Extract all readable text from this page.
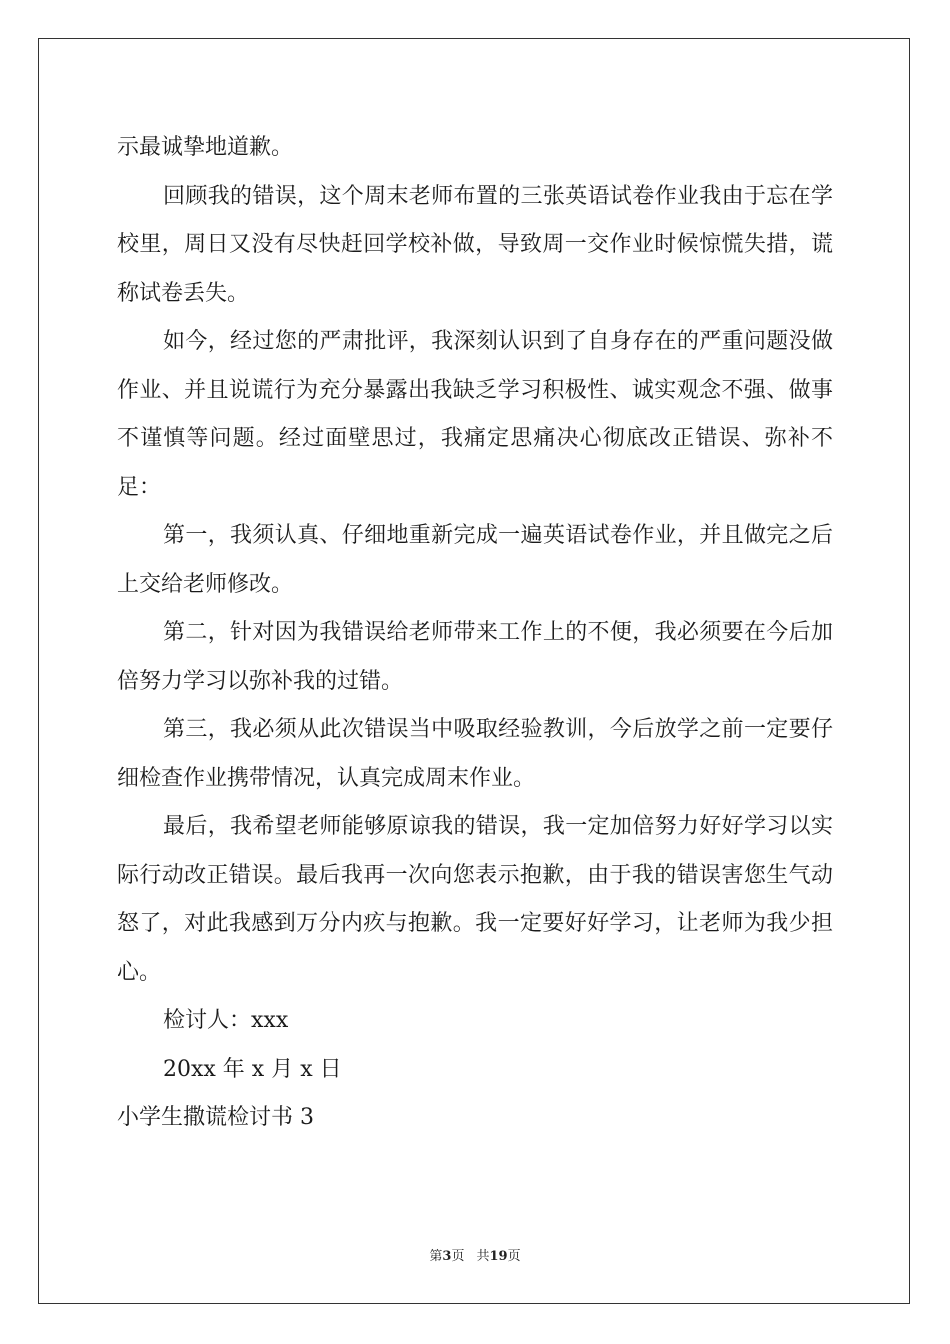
示最诚挚地道歉。

回顾我的错误，这个周末老师布置的三张英语试卷作业我由于忘在学校里，周日又没有尽快赶回学校补做，导致周一交作业时候惊慌失措，谎称试卷丢失。

如今，经过您的严肃批评，我深刻认识到了自身存在的严重问题没做作业、并且说谎行为充分暴露出我缺乏学习积极性、诚实观念不强、做事不谨慎等问题。经过面壁思过，我痛定思痛决心彻底改正错误、弥补不足：

第一，我须认真、仔细地重新完成一遍英语试卷作业，并且做完之后上交给老师修改。

第二，针对因为我错误给老师带来工作上的不便，我必须要在今后加倍努力学习以弥补我的过错。

第三，我必须从此次错误当中吸取经验教训，今后放学之前一定要仔细检查作业携带情况，认真完成周末作业。

最后，我希望老师能够原谅我的错误，我一定加倍努力好好学习以实际行动改正错误。最后我再一次向您表示抱歉，由于我的错误害您生气动怒了，对此我感到万分内疚与抱歉。我一定要好好学习，让老师为我少担心。

检讨人：xxx

20xx 年 x 月 x 日

小学生撒谎检讨书 3

第3页 共19页
